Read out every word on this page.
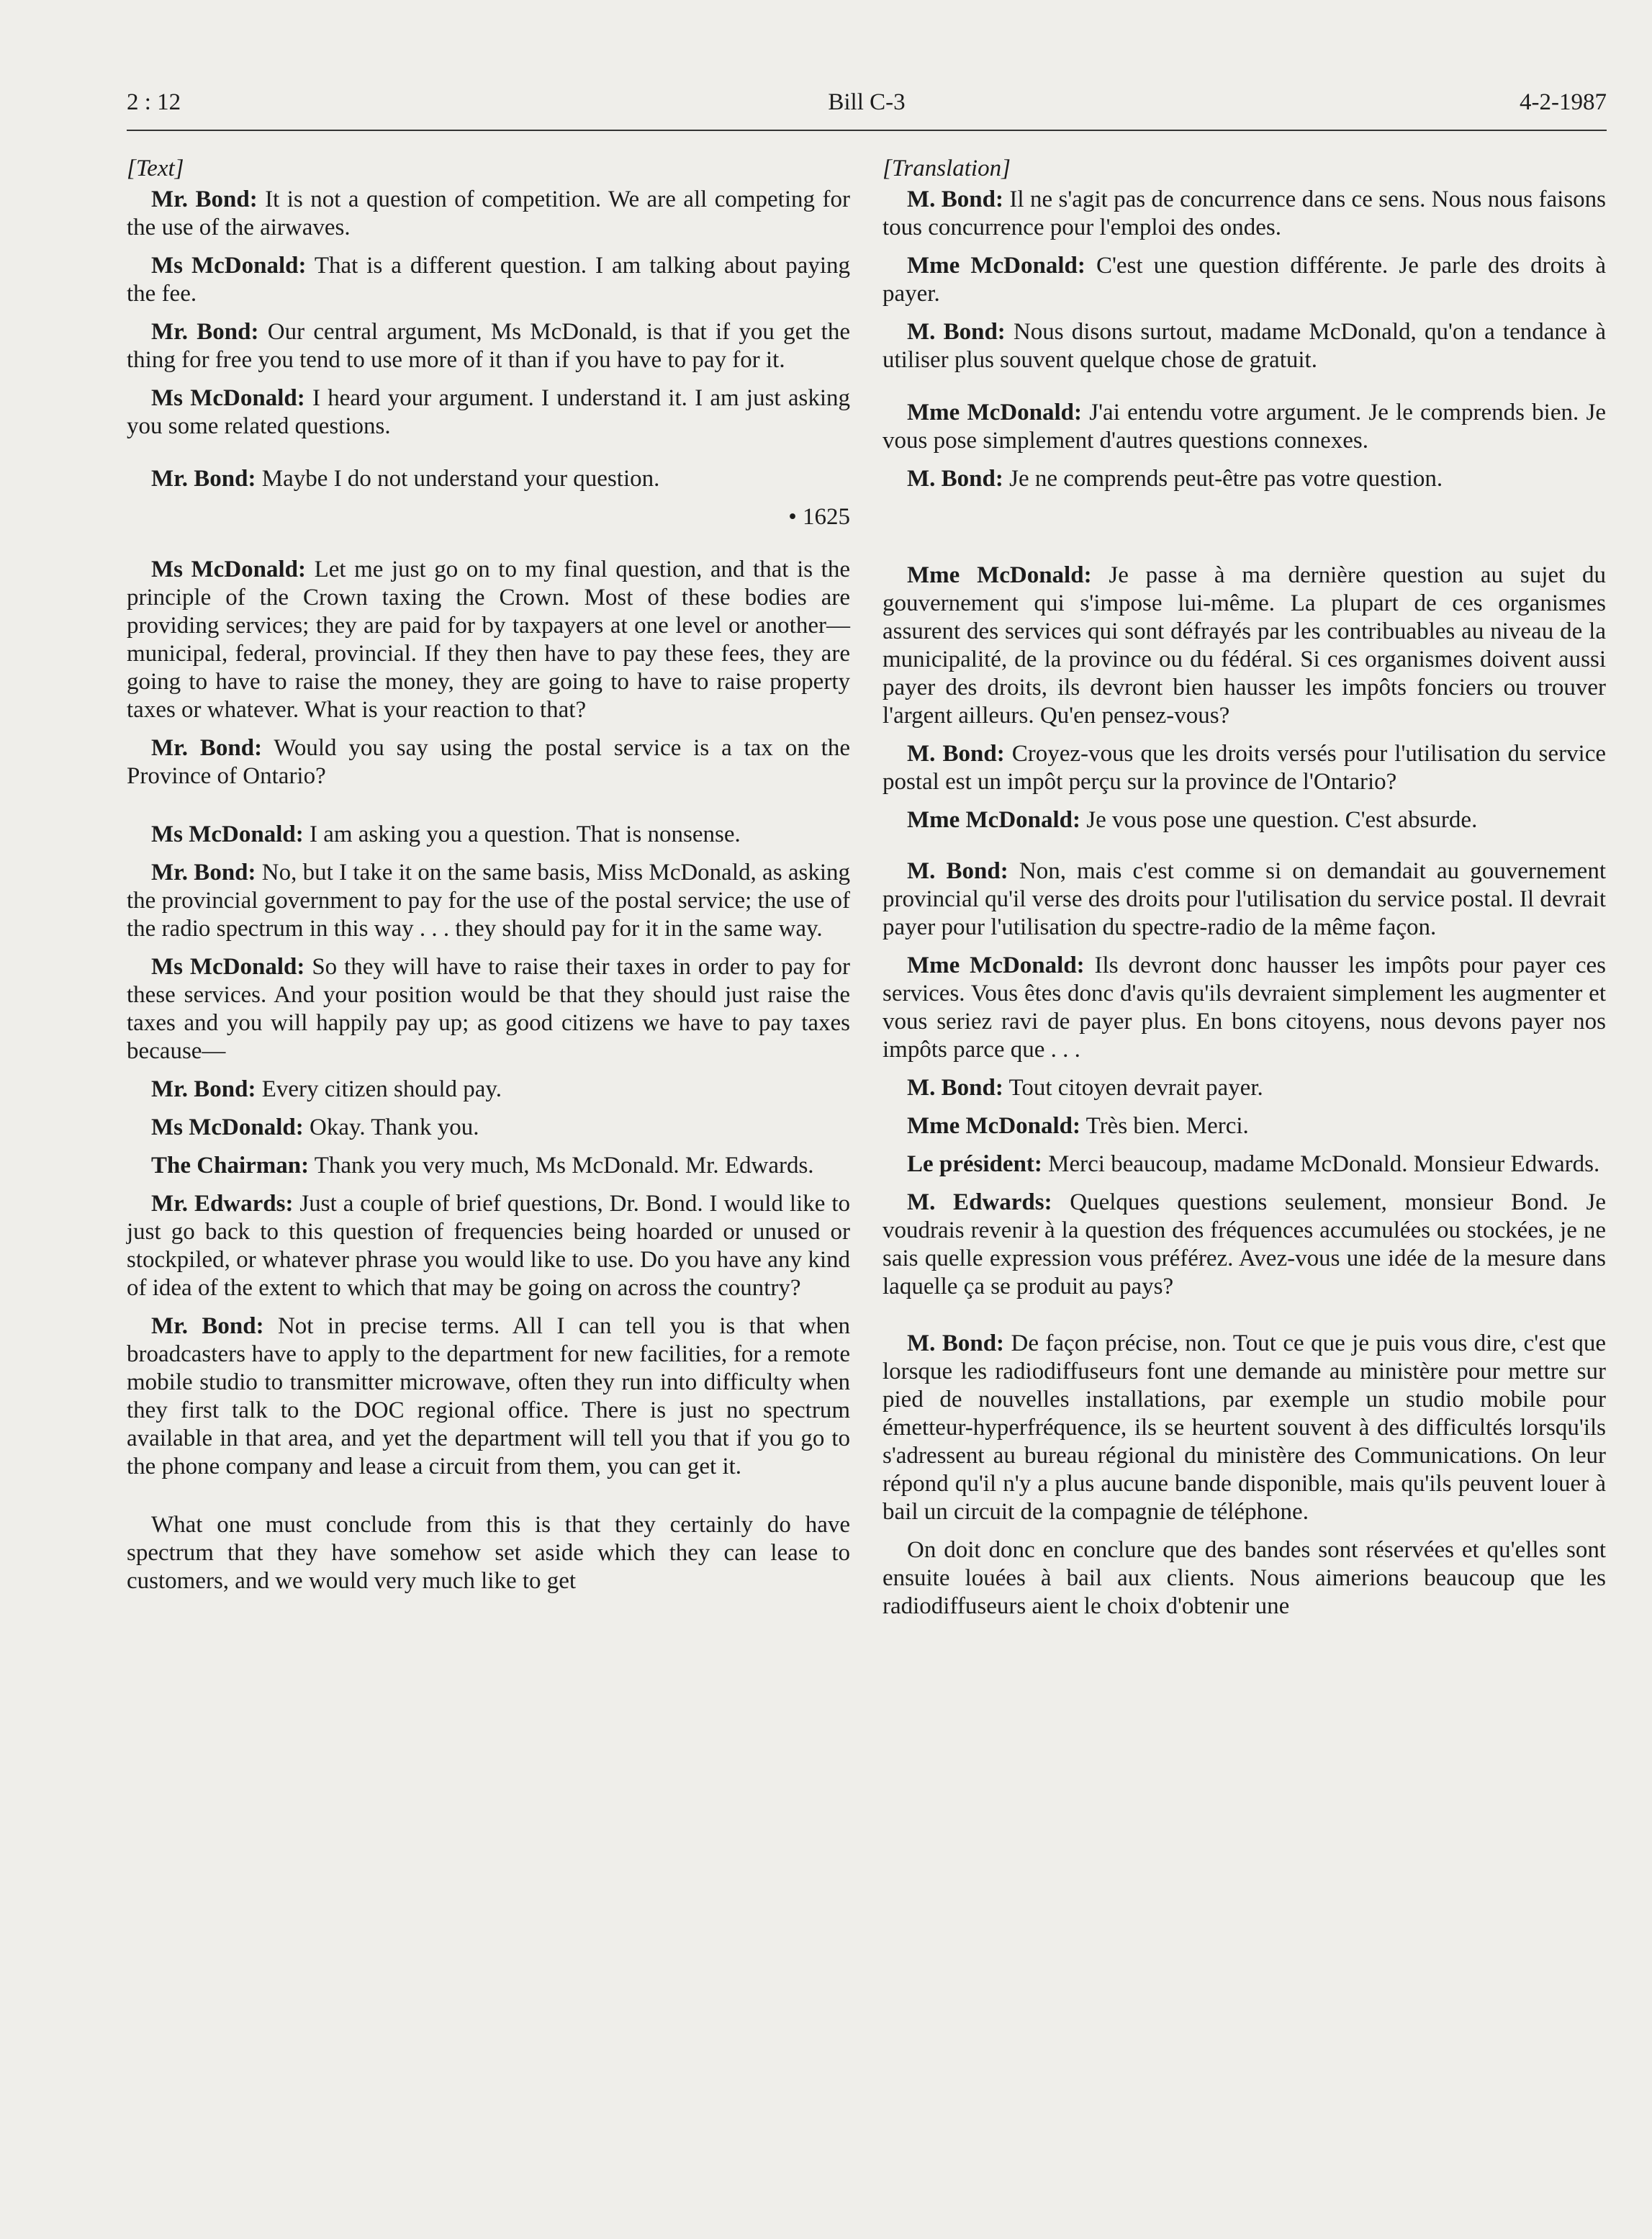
2 : 12	Bill C-3	4-2-1987
[Text]

Mr. Bond: It is not a question of competition. We are all competing for the use of the airwaves.

Ms McDonald: That is a different question. I am talking about paying the fee.

Mr. Bond: Our central argument, Ms McDonald, is that if you get the thing for free you tend to use more of it than if you have to pay for it.

Ms McDonald: I heard your argument. I understand it. I am just asking you some related questions.

Mr. Bond: Maybe I do not understand your question.

• 1625

Ms McDonald: Let me just go on to my final question, and that is the principle of the Crown taxing the Crown. Most of these bodies are providing services; they are paid for by taxpayers at one level or another—municipal, federal, provincial. If they then have to pay these fees, they are going to have to raise the money, they are going to have to raise property taxes or whatever. What is your reaction to that?

Mr. Bond: Would you say using the postal service is a tax on the Province of Ontario?

Ms McDonald: I am asking you a question. That is nonsense.

Mr. Bond: No, but I take it on the same basis, Miss McDonald, as asking the provincial government to pay for the use of the postal service; the use of the radio spectrum in this way . . . they should pay for it in the same way.

Ms McDonald: So they will have to raise their taxes in order to pay for these services. And your position would be that they should just raise the taxes and you will happily pay up; as good citizens we have to pay taxes because—

Mr. Bond: Every citizen should pay.

Ms McDonald: Okay. Thank you.

The Chairman: Thank you very much, Ms McDonald. Mr. Edwards.

Mr. Edwards: Just a couple of brief questions, Dr. Bond. I would like to just go back to this question of frequencies being hoarded or unused or stockpiled, or whatever phrase you would like to use. Do you have any kind of idea of the extent to which that may be going on across the country?

Mr. Bond: Not in precise terms. All I can tell you is that when broadcasters have to apply to the department for new facilities, for a remote mobile studio to transmitter microwave, often they run into difficulty when they first talk to the DOC regional office. There is just no spectrum available in that area, and yet the department will tell you that if you go to the phone company and lease a circuit from them, you can get it.

What one must conclude from this is that they certainly do have spectrum that they have somehow set aside which they can lease to customers, and we would very much like to get

[Translation]

M. Bond: Il ne s'agit pas de concurrence dans ce sens. Nous nous faisons tous concurrence pour l'emploi des ondes.

Mme McDonald: C'est une question différente. Je parle des droits à payer.

M. Bond: Nous disons surtout, madame McDonald, qu'on a tendance à utiliser plus souvent quelque chose de gratuit.

Mme McDonald: J'ai entendu votre argument. Je le comprends bien. Je vous pose simplement d'autres questions connexes.

M. Bond: Je ne comprends peut-être pas votre question.

Mme McDonald: Je passe à ma dernière question au sujet du gouvernement qui s'impose lui-même. La plupart de ces organismes assurent des services qui sont défrayés par les contribuables au niveau de la municipalité, de la province ou du fédéral. Si ces organismes doivent aussi payer des droits, ils devront bien hausser les impôts fonciers ou trouver l'argent ailleurs. Qu'en pensez-vous?

M. Bond: Croyez-vous que les droits versés pour l'utilisation du service postal est un impôt perçu sur la province de l'Ontario?

Mme McDonald: Je vous pose une question. C'est absurde.

M. Bond: Non, mais c'est comme si on demandait au gouvernement provincial qu'il verse des droits pour l'utilisation du service postal. Il devrait payer pour l'utilisation du spectre-radio de la même façon.

Mme McDonald: Ils devront donc hausser les impôts pour payer ces services. Vous êtes donc d'avis qu'ils devraient simplement les augmenter et vous seriez ravi de payer plus. En bons citoyens, nous devons payer nos impôts parce que . . .

M. Bond: Tout citoyen devrait payer.

Mme McDonald: Très bien. Merci.

Le président: Merci beaucoup, madame McDonald. Monsieur Edwards.

M. Edwards: Quelques questions seulement, monsieur Bond. Je voudrais revenir à la question des fréquences accumulées ou stockées, je ne sais quelle expression vous préférez. Avez-vous une idée de la mesure dans laquelle ça se produit au pays?

M. Bond: De façon précise, non. Tout ce que je puis vous dire, c'est que lorsque les radiodiffuseurs font une demande au ministère pour mettre sur pied de nouvelles installations, par exemple un studio mobile pour émetteur-hyperfréquence, ils se heurtent souvent à des difficultés lorsqu'ils s'adressent au bureau régional du ministère des Communications. On leur répond qu'il n'y a plus aucune bande disponible, mais qu'ils peuvent louer à bail un circuit de la compagnie de téléphone.

On doit donc en conclure que des bandes sont réservées et qu'elles sont ensuite louées à bail aux clients. Nous aimerions beaucoup que les radiodiffuseurs aient le choix d'obtenir une
